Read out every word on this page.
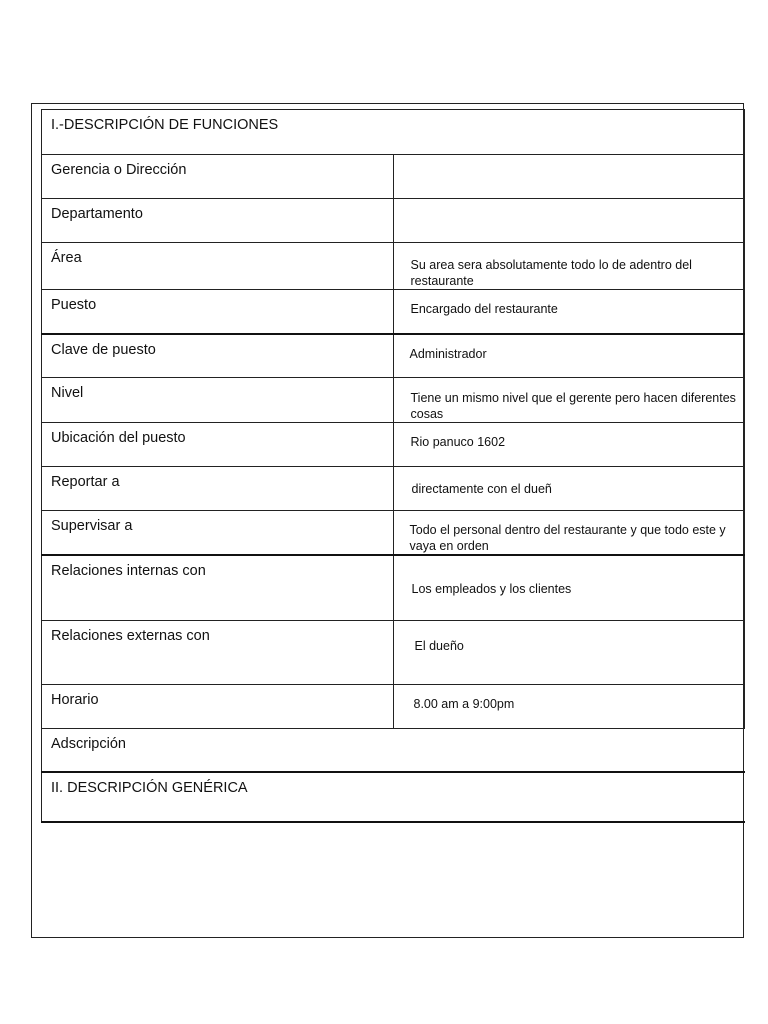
I.-DESCRIPCIÓN DE FUNCIONES	

Gerencia o Dirección	

Departamento	

Área	Su area sera absolutamente todo lo de adentro del restaurante

Puesto	Encargado del restaurante

Clave de puesto	Administrador

Nivel	Tiene un mismo nivel que el gerente pero hacen diferentes cosas

Ubicación del puesto	Rio panuco 1602

Reportar a	directamente con el dueñ

Supervisar a	Todo el personal dentro del restaurante y que todo este y vaya en orden

Relaciones internas con	Los empleados y los clientes

Relaciones externas con	El dueño

Horario	8.00 am a 9:00pm

Adscripción	

II. DESCRIPCIÓN GENÉRICA	
